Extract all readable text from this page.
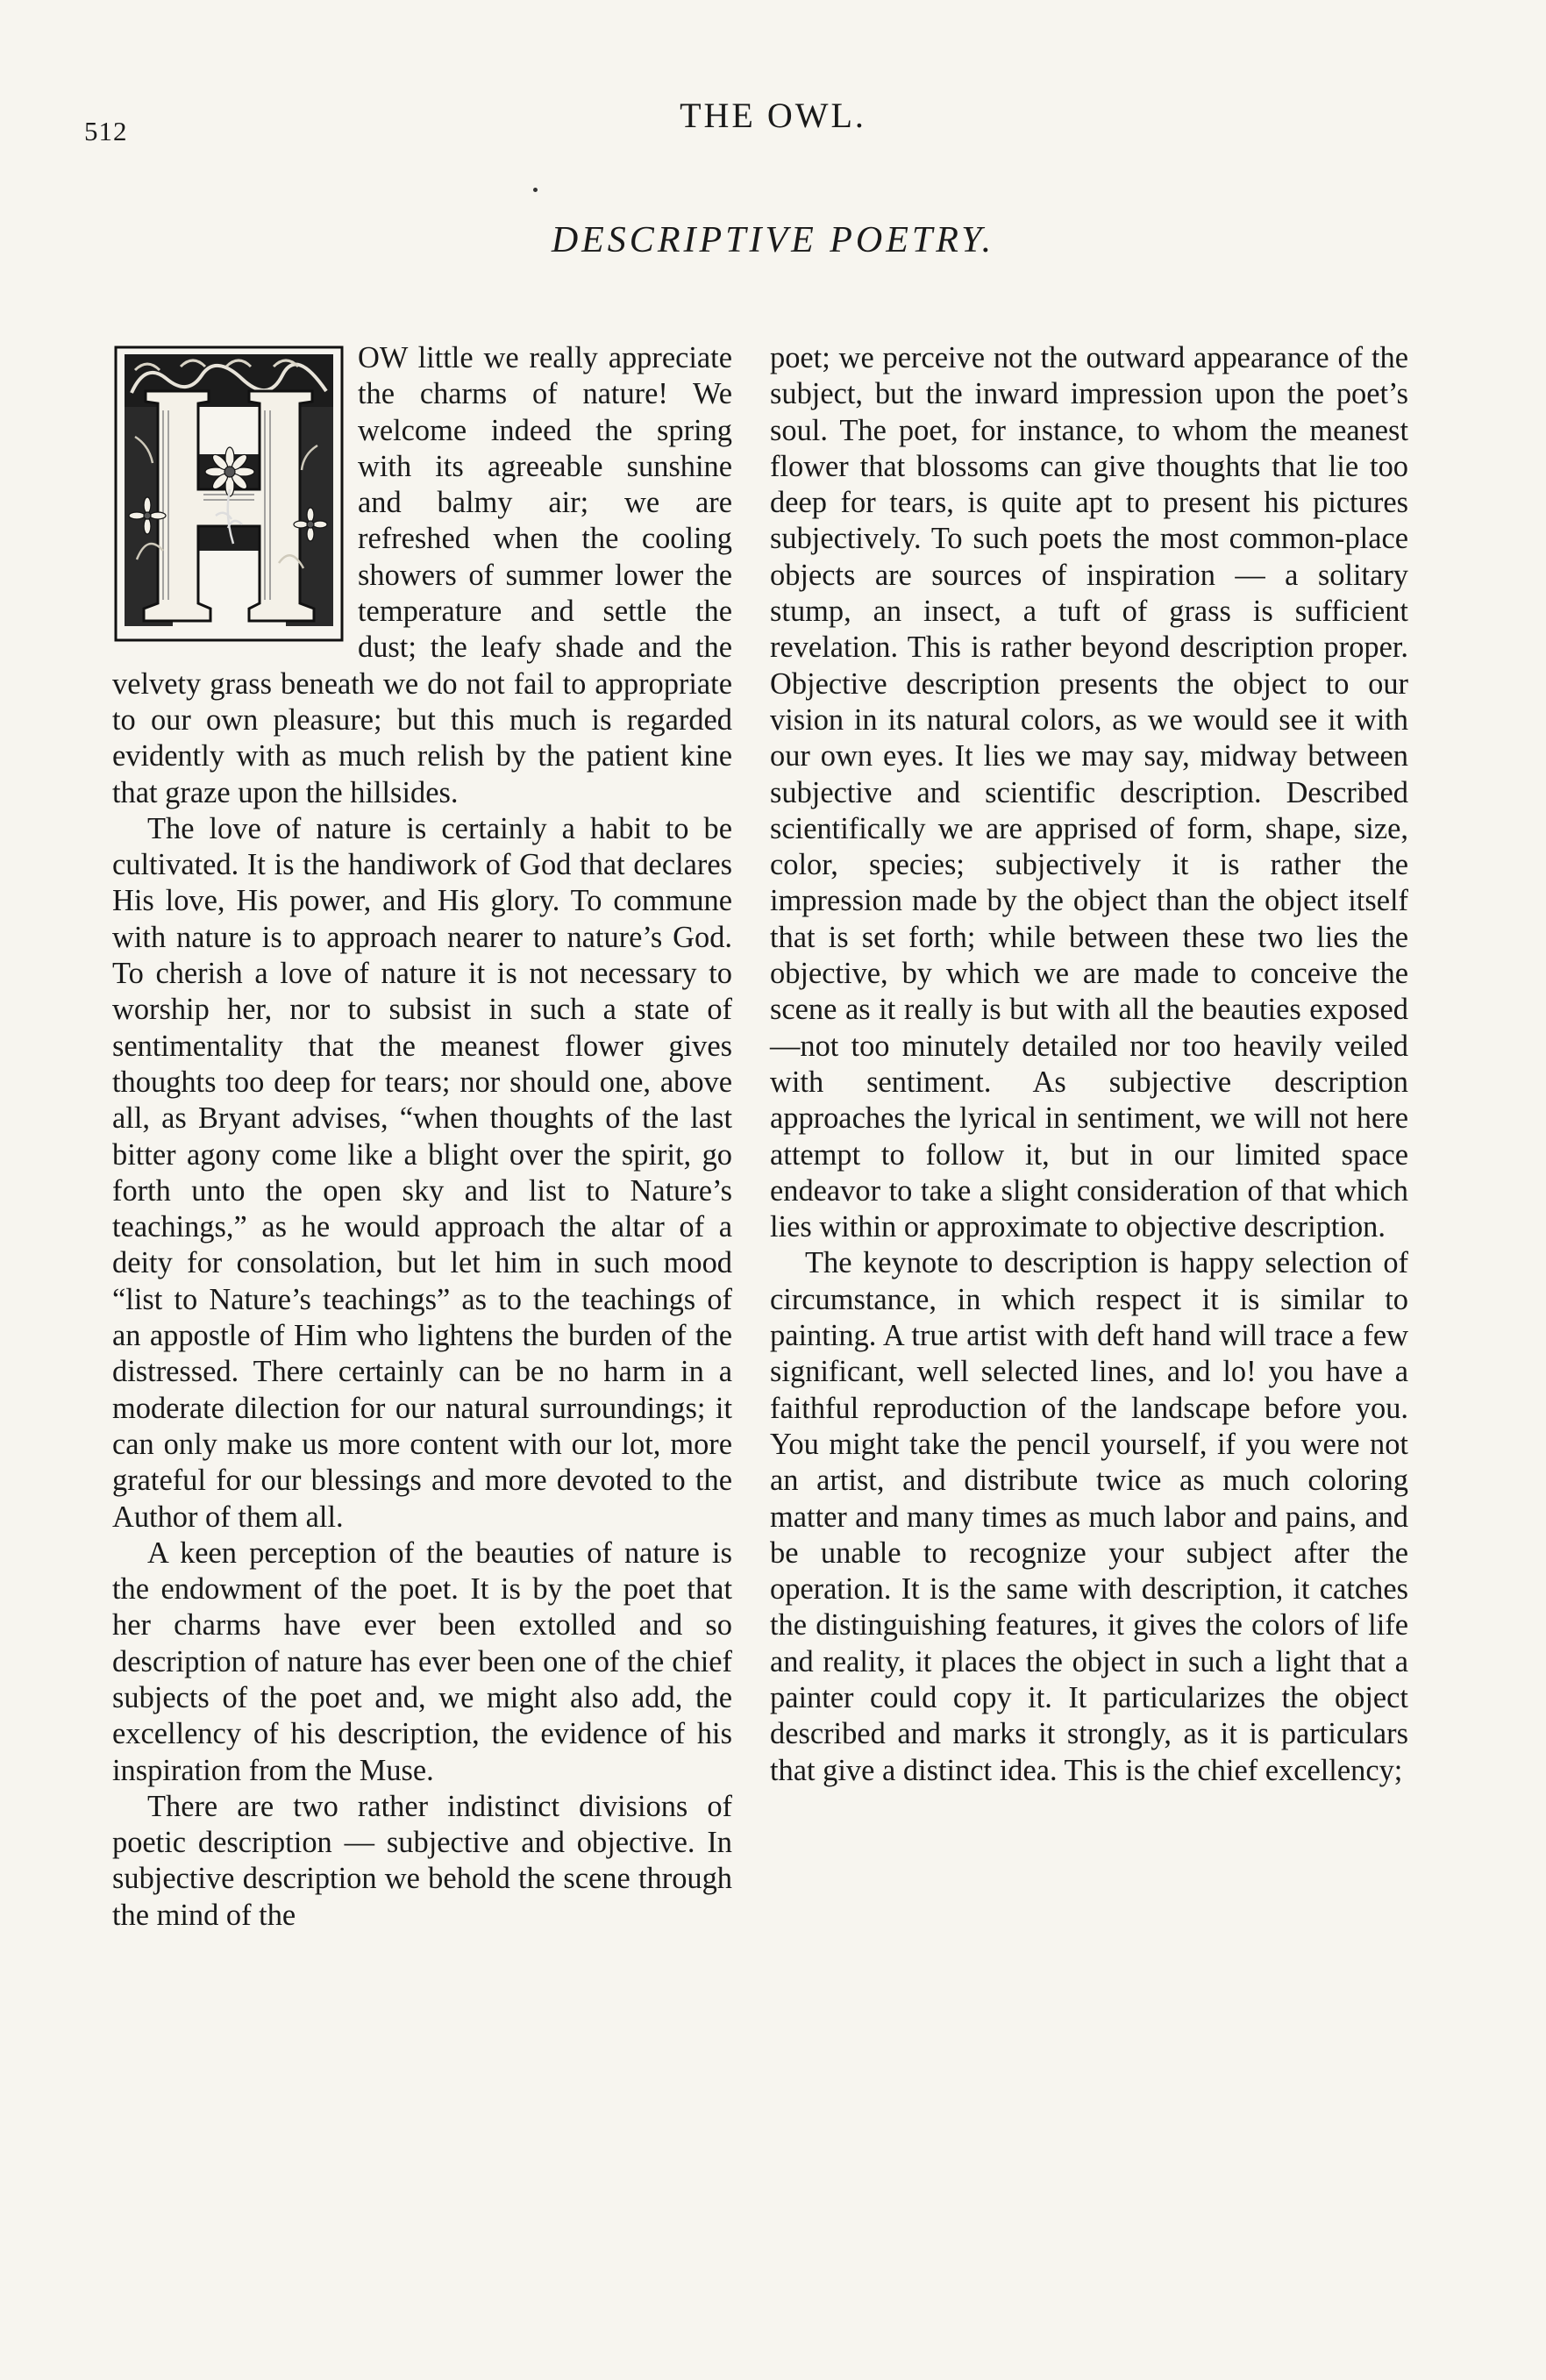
512	THE OWL.
DESCRIPTIVE POETRY.

OW little we really appreciate the charms of nature! We welcome indeed the spring with its agreeable sunshine and balmy air; we are refreshed when the cooling showers of summer lower the temperature and settle the dust; the leafy shade and the velvety grass beneath we do not fail to appropriate to our own pleasure; but this much is regarded evidently with as much relish by the patient kine that graze upon the hillsides.

The love of nature is certainly a habit to be cultivated. It is the handiwork of God that declares His love, His power, and His glory. To commune with nature is to approach nearer to nature’s God. To cherish a love of nature it is not necessary to worship her, nor to subsist in such a state of sentimentality that the meanest flower gives thoughts too deep for tears; nor should one, above all, as Bryant advises, “when thoughts of the last bitter agony come like a blight over the spirit, go forth unto the open sky and list to Nature’s teachings,” as he would approach the altar of a deity for consolation, but let him in such mood “list to Nature’s teachings” as to the teachings of an appostle of Him who lightens the burden of the distressed. There certainly can be no harm in a moderate dilection for our natural surroundings; it can only make us more content with our lot, more grateful for our blessings and more devoted to the Author of them all.

A keen perception of the beauties of nature is the endowment of the poet. It is by the poet that her charms have ever been extolled and so description of nature has ever been one of the chief subjects of the poet and, we might also add, the excellency of his description, the evidence of his inspiration from the Muse.

There are two rather indistinct divisions of poetic description — subjective and objective. In subjective description we behold the scene through the mind of the

poet; we perceive not the outward appearance of the subject, but the inward impression upon the poet’s soul. The poet, for instance, to whom the meanest flower that blossoms can give thoughts that lie too deep for tears, is quite apt to present his pictures subjectively. To such poets the most common-place objects are sources of inspiration — a solitary stump, an insect, a tuft of grass is sufficient revelation. This is rather beyond description proper. Objective description presents the object to our vision in its natural colors, as we would see it with our own eyes. It lies we may say, midway between subjective and scientific description. Described scientifically we are apprised of form, shape, size, color, species; subjectively it is rather the impression made by the object than the object itself that is set forth; while between these two lies the objective, by which we are made to conceive the scene as it really is but with all the beauties exposed—not too minutely detailed nor too heavily veiled with sentiment. As subjective description approaches the lyrical in sentiment, we will not here attempt to follow it, but in our limited space endeavor to take a slight consideration of that which lies within or approximate to objective description.

The keynote to description is happy selection of circumstance, in which respect it is similar to painting. A true artist with deft hand will trace a few significant, well selected lines, and lo! you have a faithful reproduction of the landscape before you. You might take the pencil yourself, if you were not an artist, and distribute twice as much coloring matter and many times as much labor and pains, and be unable to recognize your subject after the operation. It is the same with description, it catches the distinguishing features, it gives the colors of life and reality, it places the object in such a light that a painter could copy it. It particularizes the object described and marks it strongly, as it is particulars that give a distinct idea. This is the chief excellency;
